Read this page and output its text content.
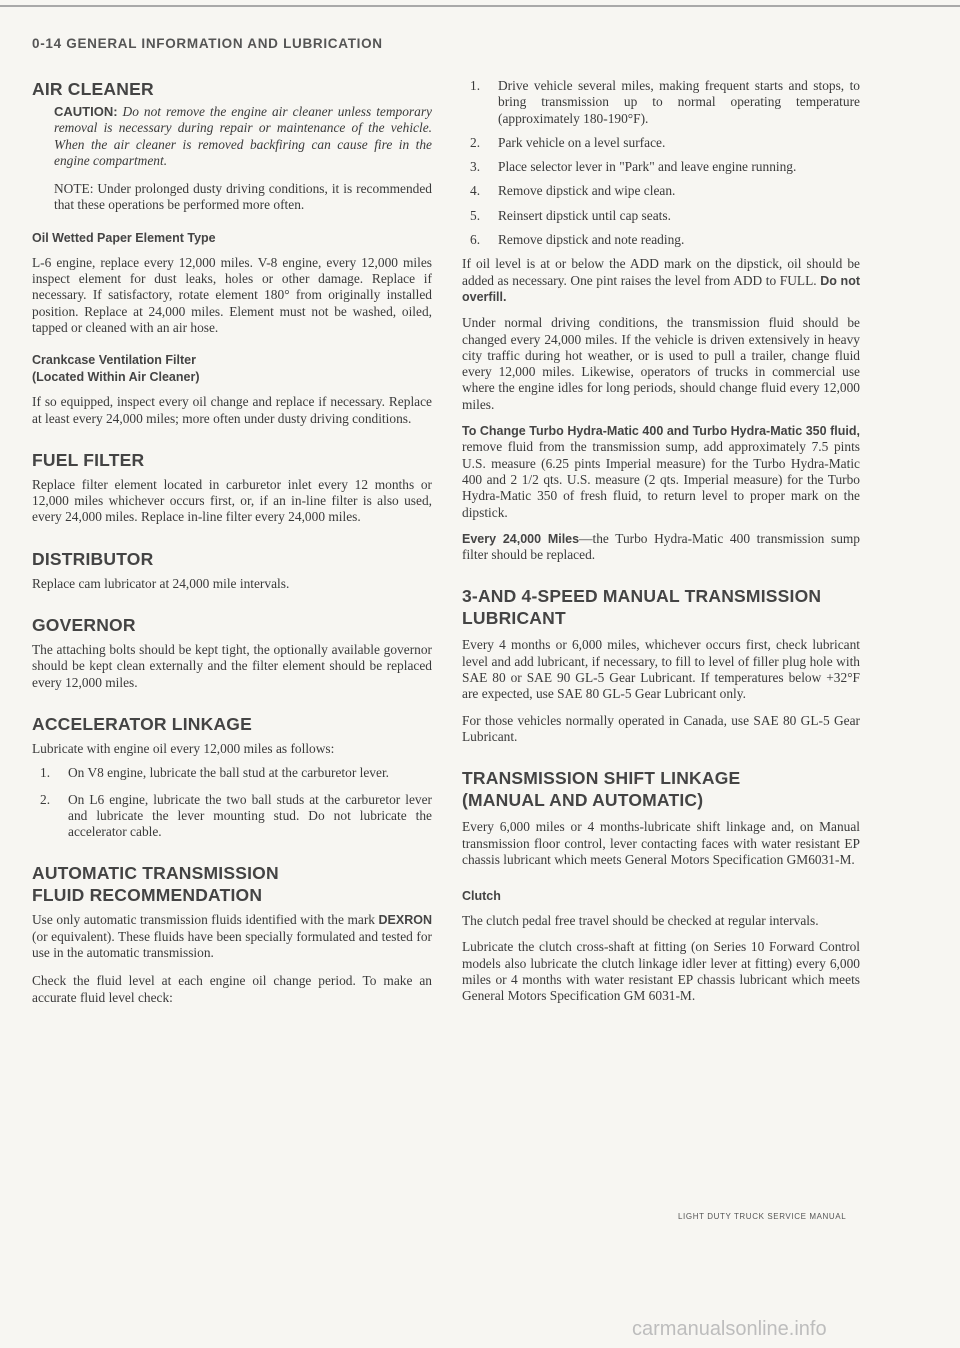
0-14 GENERAL INFORMATION AND LUBRICATION
AIR CLEANER

CAUTION: Do not remove the engine air cleaner unless temporary removal is necessary during repair or maintenance of the vehicle. When the air cleaner is removed backfiring can cause fire in the engine compartment.

NOTE: Under prolonged dusty driving conditions, it is recommended that these operations be performed more often.

Oil Wetted Paper Element Type

L-6 engine, replace every 12,000 miles. V-8 engine, every 12,000 miles inspect element for dust leaks, holes or other damage. Replace if necessary. If satisfactory, rotate element 180° from originally installed position. Replace at 24,000 miles. Element must not be washed, oiled, tapped or cleaned with an air hose.

Crankcase Ventilation Filter
(Located Within Air Cleaner)

If so equipped, inspect every oil change and replace if necessary. Replace at least every 24,000 miles; more often under dusty driving conditions.

FUEL FILTER

Replace filter element located in carburetor inlet every 12 months or 12,000 miles whichever occurs first, or, if an in-line filter is also used, every 24,000 miles. Replace in-line filter every 24,000 miles.

DISTRIBUTOR

Replace cam lubricator at 24,000 mile intervals.

GOVERNOR

The attaching bolts should be kept tight, the optionally available governor should be kept clean externally and the filter element should be replaced every 12,000 miles.

ACCELERATOR LINKAGE

Lubricate with engine oil every 12,000 miles as follows:

1. On V8 engine, lubricate the ball stud at the carburetor lever.
2. On L6 engine, lubricate the two ball studs at the carburetor lever and lubricate the lever mounting stud. Do not lubricate the accelerator cable.
AUTOMATIC TRANSMISSION
FLUID RECOMMENDATION

Use only automatic transmission fluids identified with the mark DEXRON (or equivalent). These fluids have been specially formulated and tested for use in the automatic transmission.

Check the fluid level at each engine oil change period. To make an accurate fluid level check:

1. Drive vehicle several miles, making frequent starts and stops, to bring transmission up to normal operating temperature (approximately 180-190°F).
2. Park vehicle on a level surface.
3. Place selector lever in "Park" and leave engine running.
4. Remove dipstick and wipe clean.
5. Reinsert dipstick until cap seats.
6. Remove dipstick and note reading.

If oil level is at or below the ADD mark on the dipstick, oil should be added as necessary. One pint raises the level from ADD to FULL. Do not overfill.

Under normal driving conditions, the transmission fluid should be changed every 24,000 miles. If the vehicle is driven extensively in heavy city traffic during hot weather, or is used to pull a trailer, change fluid every 12,000 miles. Likewise, operators of trucks in commercial use where the engine idles for long periods, should change fluid every 12,000 miles.

To Change Turbo Hydra-Matic 400 and Turbo Hydra-Matic 350 fluid, remove fluid from the transmission sump, add approximately 7.5 pints U.S. measure (6.25 pints Imperial measure) for the Turbo Hydra-Matic 400 and 2 1/2 qts. U.S. measure (2 qts. Imperial measure) for the Turbo Hydra-Matic 350 of fresh fluid, to return level to proper mark on the dipstick.

Every 24,000 Miles—the Turbo Hydra-Matic 400 transmission sump filter should be replaced.

3-AND 4-SPEED MANUAL TRANSMISSION
LUBRICANT

Every 4 months or 6,000 miles, whichever occurs first, check lubricant level and add lubricant, if necessary, to fill to level of filler plug hole with SAE 80 or SAE 90 GL-5 Gear Lubricant. If temperatures below +32°F are expected, use SAE 80 GL-5 Gear Lubricant only.

For those vehicles normally operated in Canada, use SAE 80 GL-5 Gear Lubricant.

TRANSMISSION SHIFT LINKAGE
(MANUAL AND AUTOMATIC)

Every 6,000 miles or 4 months-lubricate shift linkage and, on Manual transmission floor control, lever contacting faces with water resistant EP chassis lubricant which meets General Motors Specification GM6031-M.

Clutch

The clutch pedal free travel should be checked at regular intervals.

Lubricate the clutch cross-shaft at fitting (on Series 10 Forward Control models also lubricate the clutch linkage idler lever at fitting) every 6,000 miles or 4 months with water resistant EP chassis lubricant which meets General Motors Specification GM 6031-M.

LIGHT DUTY TRUCK SERVICE MANUAL
carmanualsonline.info
